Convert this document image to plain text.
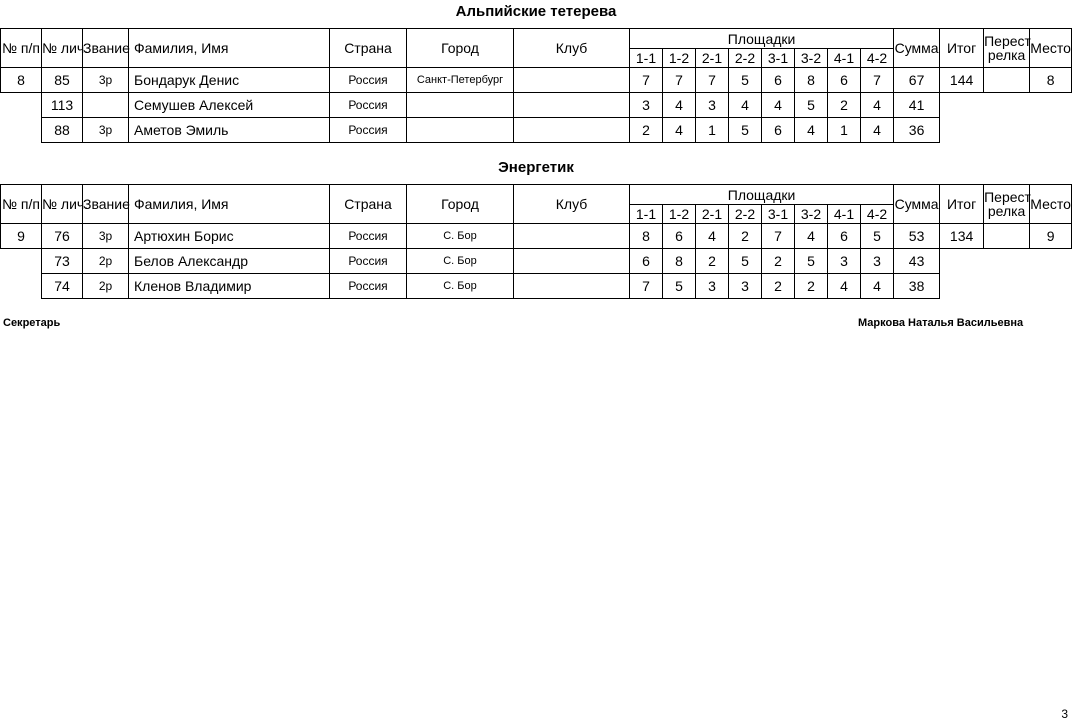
Альпийские тетерева
№ п/п	№ лич.	Звание	Фамилия, Имя	Страна	Город	Клуб	Площадки								Сумма	Итог	Перест релка	Место
							1-1	1-2	2-1	2-2	3-1	3-2	4-1	4-2				
8	85	3р	Бондарук Денис	Россия	Санкт-Петербург		7	7	7	5	6	8	6	7	67	144		8
	113		Семушев Алексей	Россия			3	4	3	4	4	5	2	4	41			
	88	3р	Аметов Эмиль	Россия			2	4	1	5	6	4	1	4	36			
Энергетик
№ п/п	№ лич.	Звание	Фамилия, Имя	Страна	Город	Клуб	Площадки								Сумма	Итог	Перест релка	Место
							1-1	1-2	2-1	2-2	3-1	3-2	4-1	4-2				
9	76	3р	Артюхин Борис	Россия	С. Бор		8	6	4	2	7	4	6	5	53	134		9
	73	2р	Белов Александр	Россия	С. Бор		6	8	2	5	2	5	3	3	43			
	74	2р	Кленов Владимир	Россия	С. Бор		7	5	3	3	2	2	4	4	38			
Секретарь	Маркова Наталья Васильевна
3
